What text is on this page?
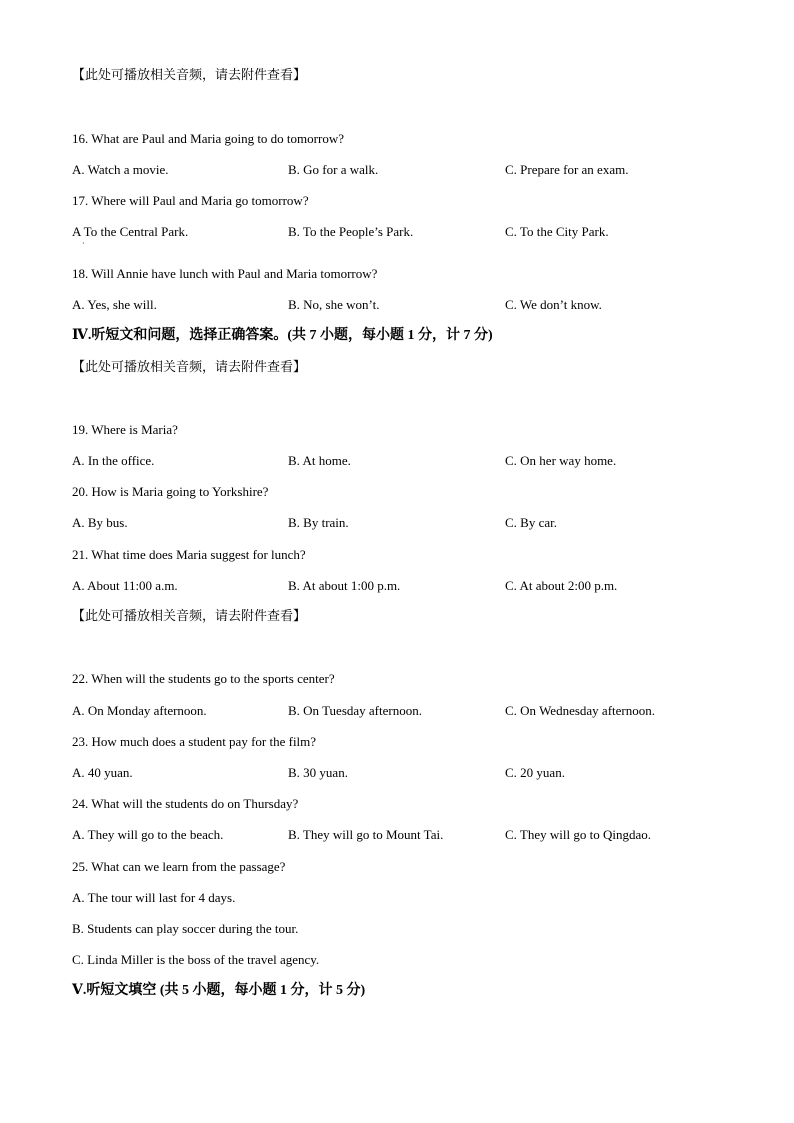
【此处可播放相关音频，请去附件查看】
16. What are Paul and Maria going to do tomorrow?
A. Watch a movie.	B. Go for a walk.	C. Prepare for an exam.
17. Where will Paul and Maria go tomorrow?
A To the Central Park.	B. To the People’s Park.	C. To the City Park.
·
18. Will Annie have lunch with Paul and Maria tomorrow?
A. Yes, she will.	B. No, she won’t.	C. We don’t know.
Ⅳ.听短文和问题，选择正确答案。(共 7 小题，每小题 1 分，计 7 分)
【此处可播放相关音频，请去附件查看】
19. Where is Maria?
A. In the office.	B. At home.	C. On her way home.
20. How is Maria going to Yorkshire?
A. By bus.	B. By train.	C. By car.
21. What time does Maria suggest for lunch?
A. About 11:00 a.m.	B. At about 1:00 p.m.	C. At about 2:00 p.m.
【此处可播放相关音频，请去附件查看】
22. When will the students go to the sports center?
A. On Monday afternoon.	B. On Tuesday afternoon.	C. On Wednesday afternoon.
23. How much does a student pay for the film?
A. 40 yuan.	B. 30 yuan.	C. 20 yuan.
24. What will the students do on Thursday?
A. They will go to the beach.	B. They will go to Mount Tai.	C. They will go to Qingdao.
25. What can we learn from the passage?
A. The tour will last for 4 days.
B. Students can play soccer during the tour.
C. Linda Miller is the boss of the travel agency.
Ⅴ.听短文填空 (共 5 小题，每小题 1 分，计 5 分)
